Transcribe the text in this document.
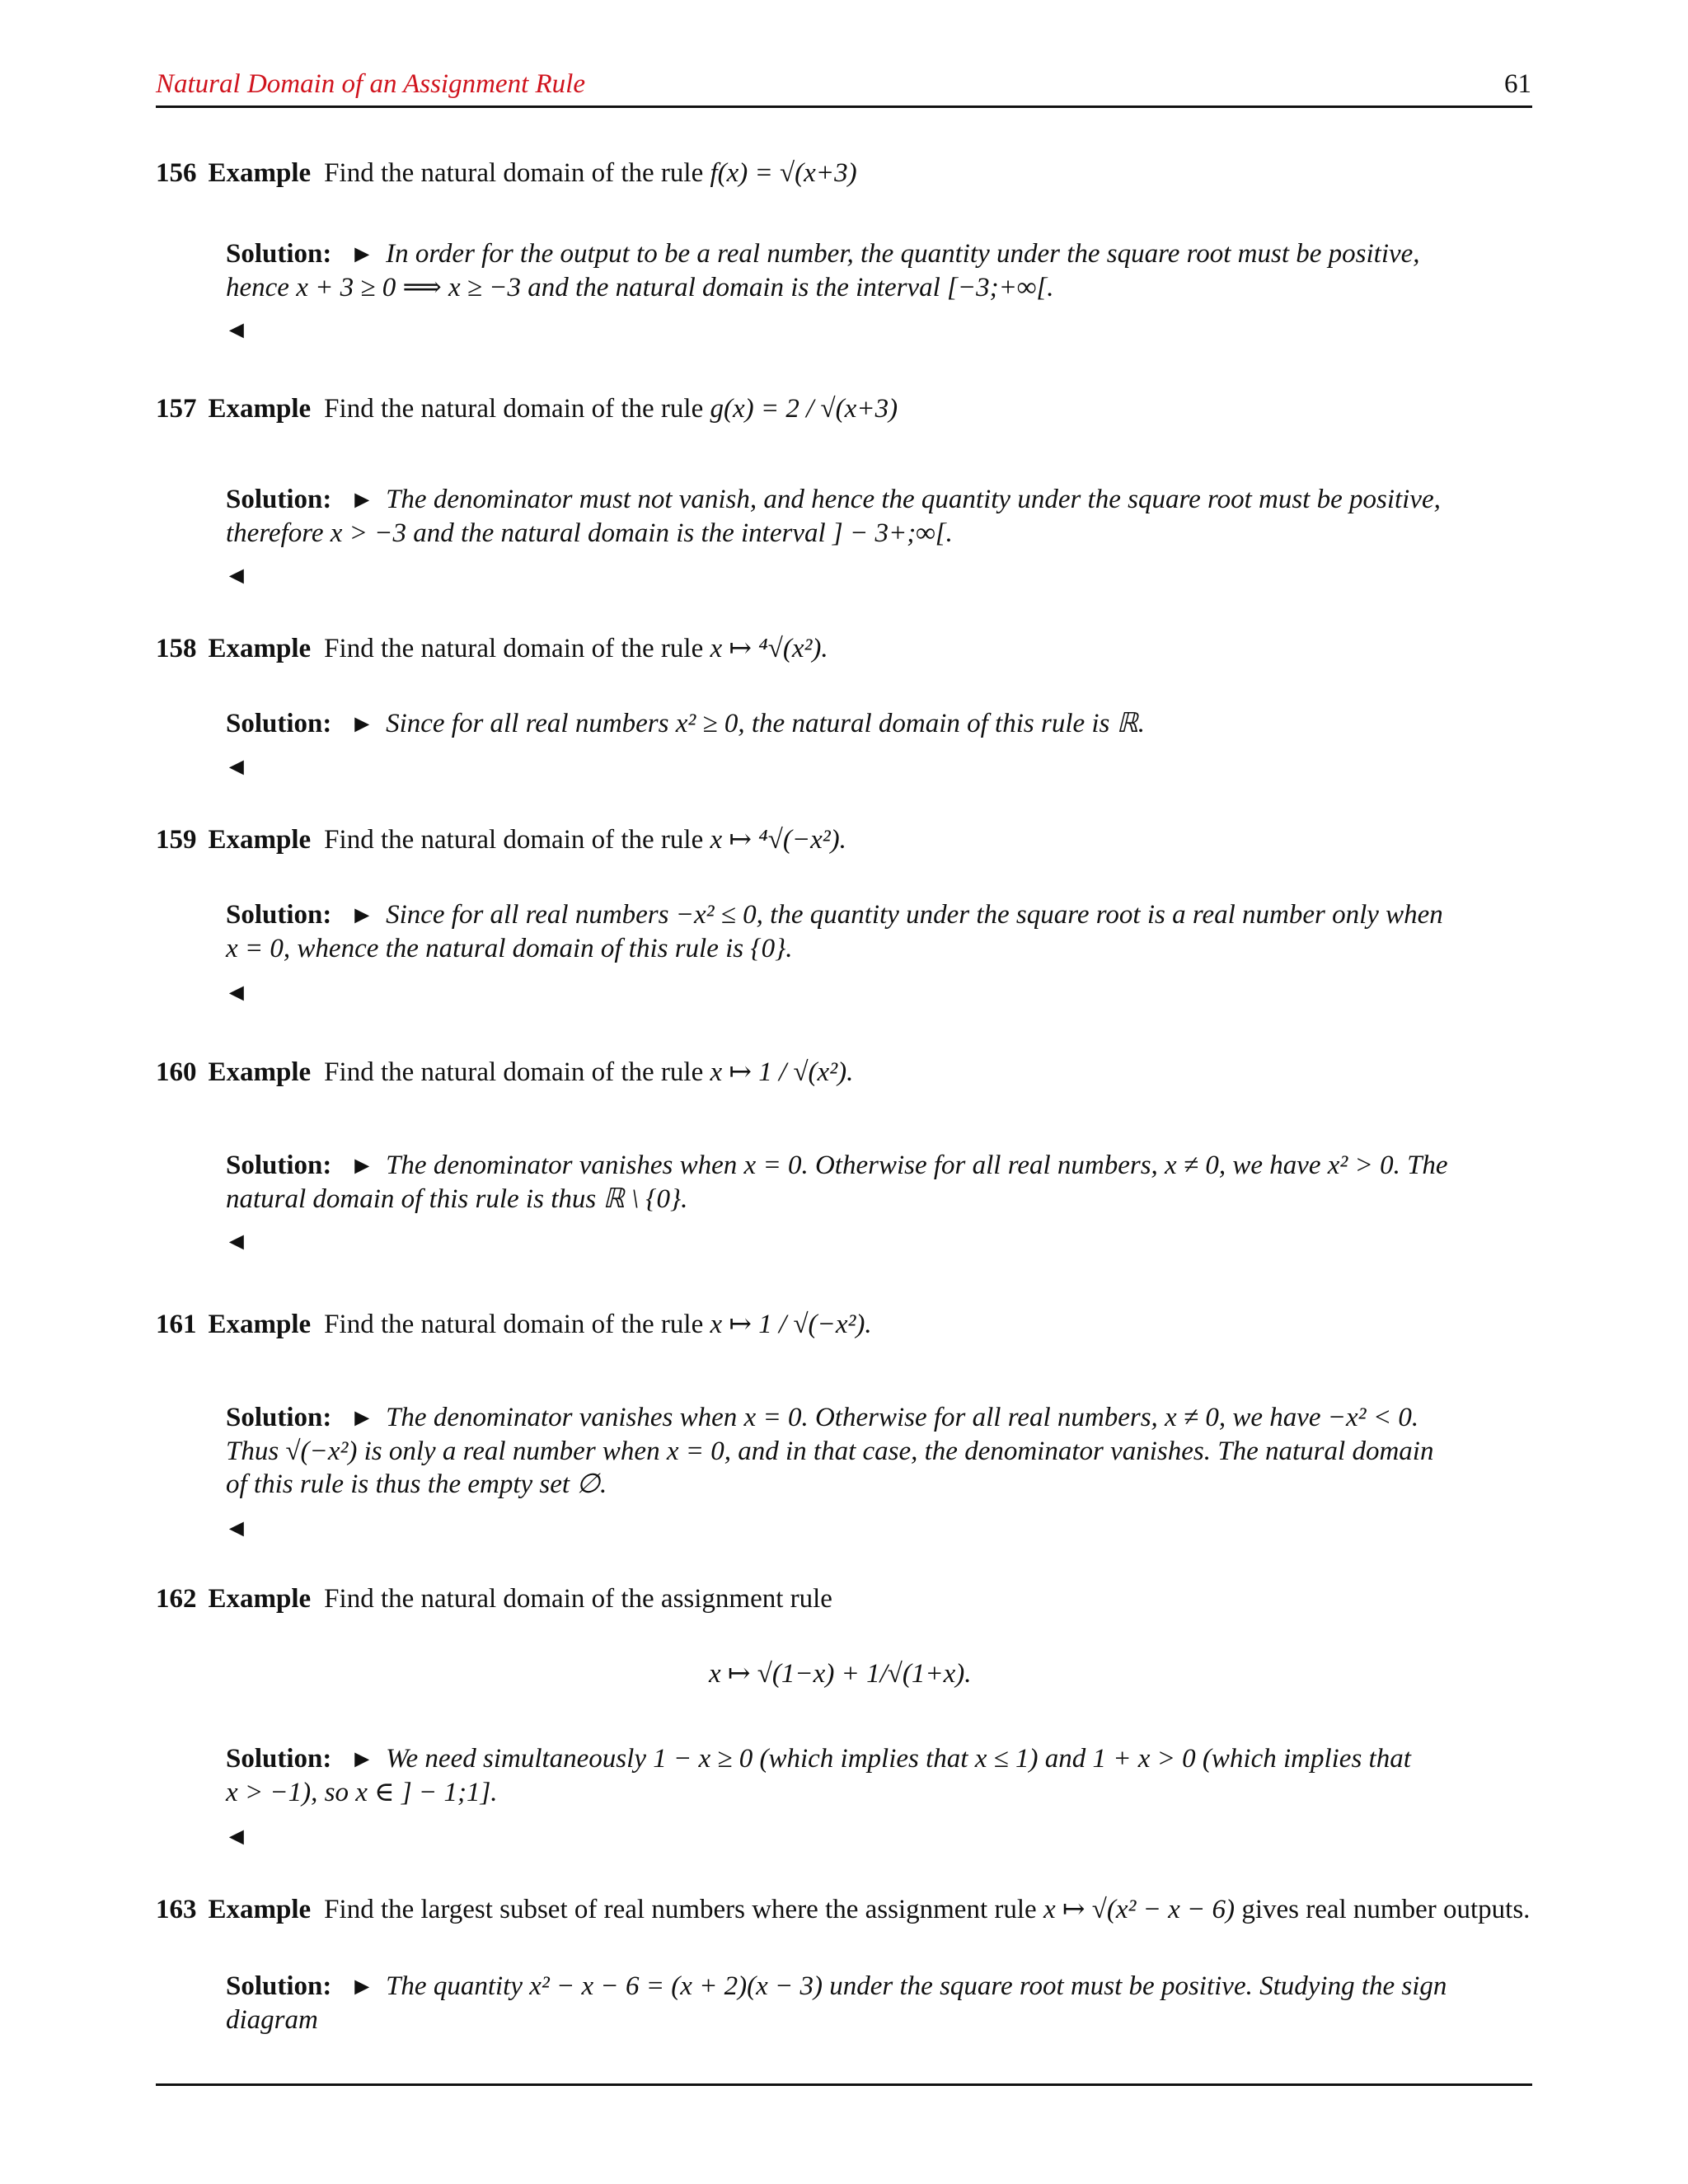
Natural Domain of an Assignment Rule	61
156 Example Find the natural domain of the rule f(x) = √(x+3)
Solution: ► In order for the output to be a real number, the quantity under the square root must be positive,
hence x + 3 ≥ 0 ⟹ x ≥ −3 and the natural domain is the interval [−3;+∞[.
◄
157 Example Find the natural domain of the rule g(x) = 2 / √(x+3)
Solution: ► The denominator must not vanish, and hence the quantity under the square root must be positive,
therefore x > −3 and the natural domain is the interval ] − 3+;∞[.
◄
158 Example Find the natural domain of the rule x ↦ ⁴√(x²).
Solution: ► Since for all real numbers x² ≥ 0, the natural domain of this rule is ℝ.
◄
159 Example Find the natural domain of the rule x ↦ ⁴√(−x²).
Solution: ► Since for all real numbers −x² ≤ 0, the quantity under the square root is a real number only when
x = 0, whence the natural domain of this rule is {0}.
◄
160 Example Find the natural domain of the rule x ↦ 1 / √(x²).
Solution: ► The denominator vanishes when x = 0. Otherwise for all real numbers, x ≠ 0, we have x² > 0. The
natural domain of this rule is thus ℝ \ {0}.
◄
161 Example Find the natural domain of the rule x ↦ 1 / √(−x²).
Solution: ► The denominator vanishes when x = 0. Otherwise for all real numbers, x ≠ 0, we have −x² < 0.
Thus √(−x²) is only a real number when x = 0, and in that case, the denominator vanishes. The natural domain
of this rule is thus the empty set ∅.
◄
162 Example Find the natural domain of the assignment rule
x ↦ √(1−x) + 1/√(1+x).
Solution: ► We need simultaneously 1 − x ≥ 0 (which implies that x ≤ 1) and 1 + x > 0 (which implies that
x > −1), so x ∈ ] − 1;1].
◄
163 Example Find the largest subset of real numbers where the assignment rule x ↦ √(x² − x − 6) gives real number outputs.
Solution: ► The quantity x² − x − 6 = (x + 2)(x − 3) under the square root must be positive. Studying the sign
diagram
